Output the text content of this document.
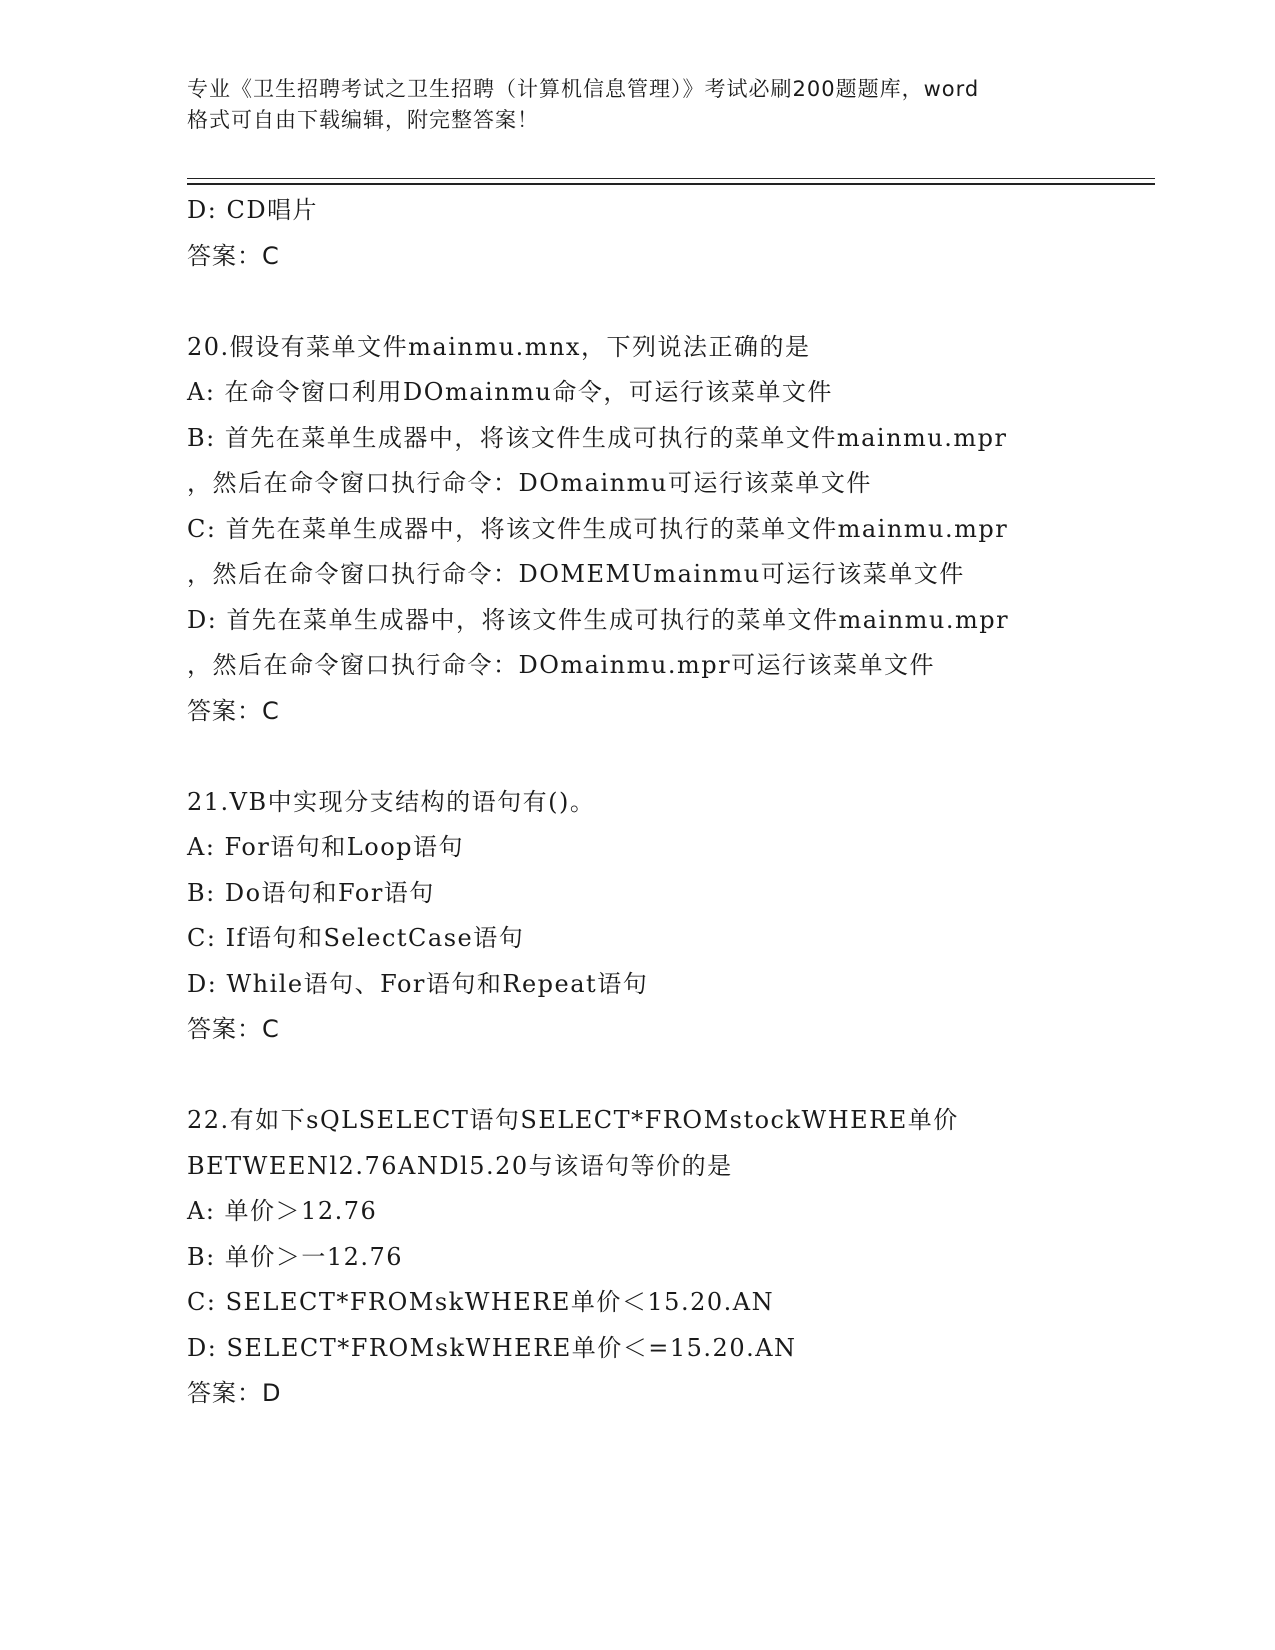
专业《卫生招聘考试之卫生招聘（计算机信息管理）》考试必刷200题题库，word
格式可自由下载编辑，附完整答案！
D: CD唱片
答案：C
20.假设有菜单文件mainmu.mnx，下列说法正确的是
A: 在命令窗口利用DOmainmu命令，可运行该菜单文件
B: 首先在菜单生成器中，将该文件生成可执行的菜单文件mainmu.mpr
，然后在命令窗口执行命令：DOmainmu可运行该菜单文件
C: 首先在菜单生成器中，将该文件生成可执行的菜单文件mainmu.mpr
，然后在命令窗口执行命令：DOMEMUmainmu可运行该菜单文件
D: 首先在菜单生成器中，将该文件生成可执行的菜单文件mainmu.mpr
，然后在命令窗口执行命令：DOmainmu.mpr可运行该菜单文件
答案：C
21.VB中实现分支结构的语句有()。
A: For语句和Loop语句
B: Do语句和For语句
C: If语句和SelectCase语句
D: While语句、For语句和Repeat语句
答案：C
22.有如下sQLSELECT语句SELECT*FROMstockWHERE单价
BETWEENl2.76ANDl5.20与该语句等价的是
A: 单价＞12.76
B: 单价＞一12.76
C: SELECT*FROMskWHERE单价＜15.20.AN
D: SELECT*FROMskWHERE单价＜=15.20.AN
答案：D
